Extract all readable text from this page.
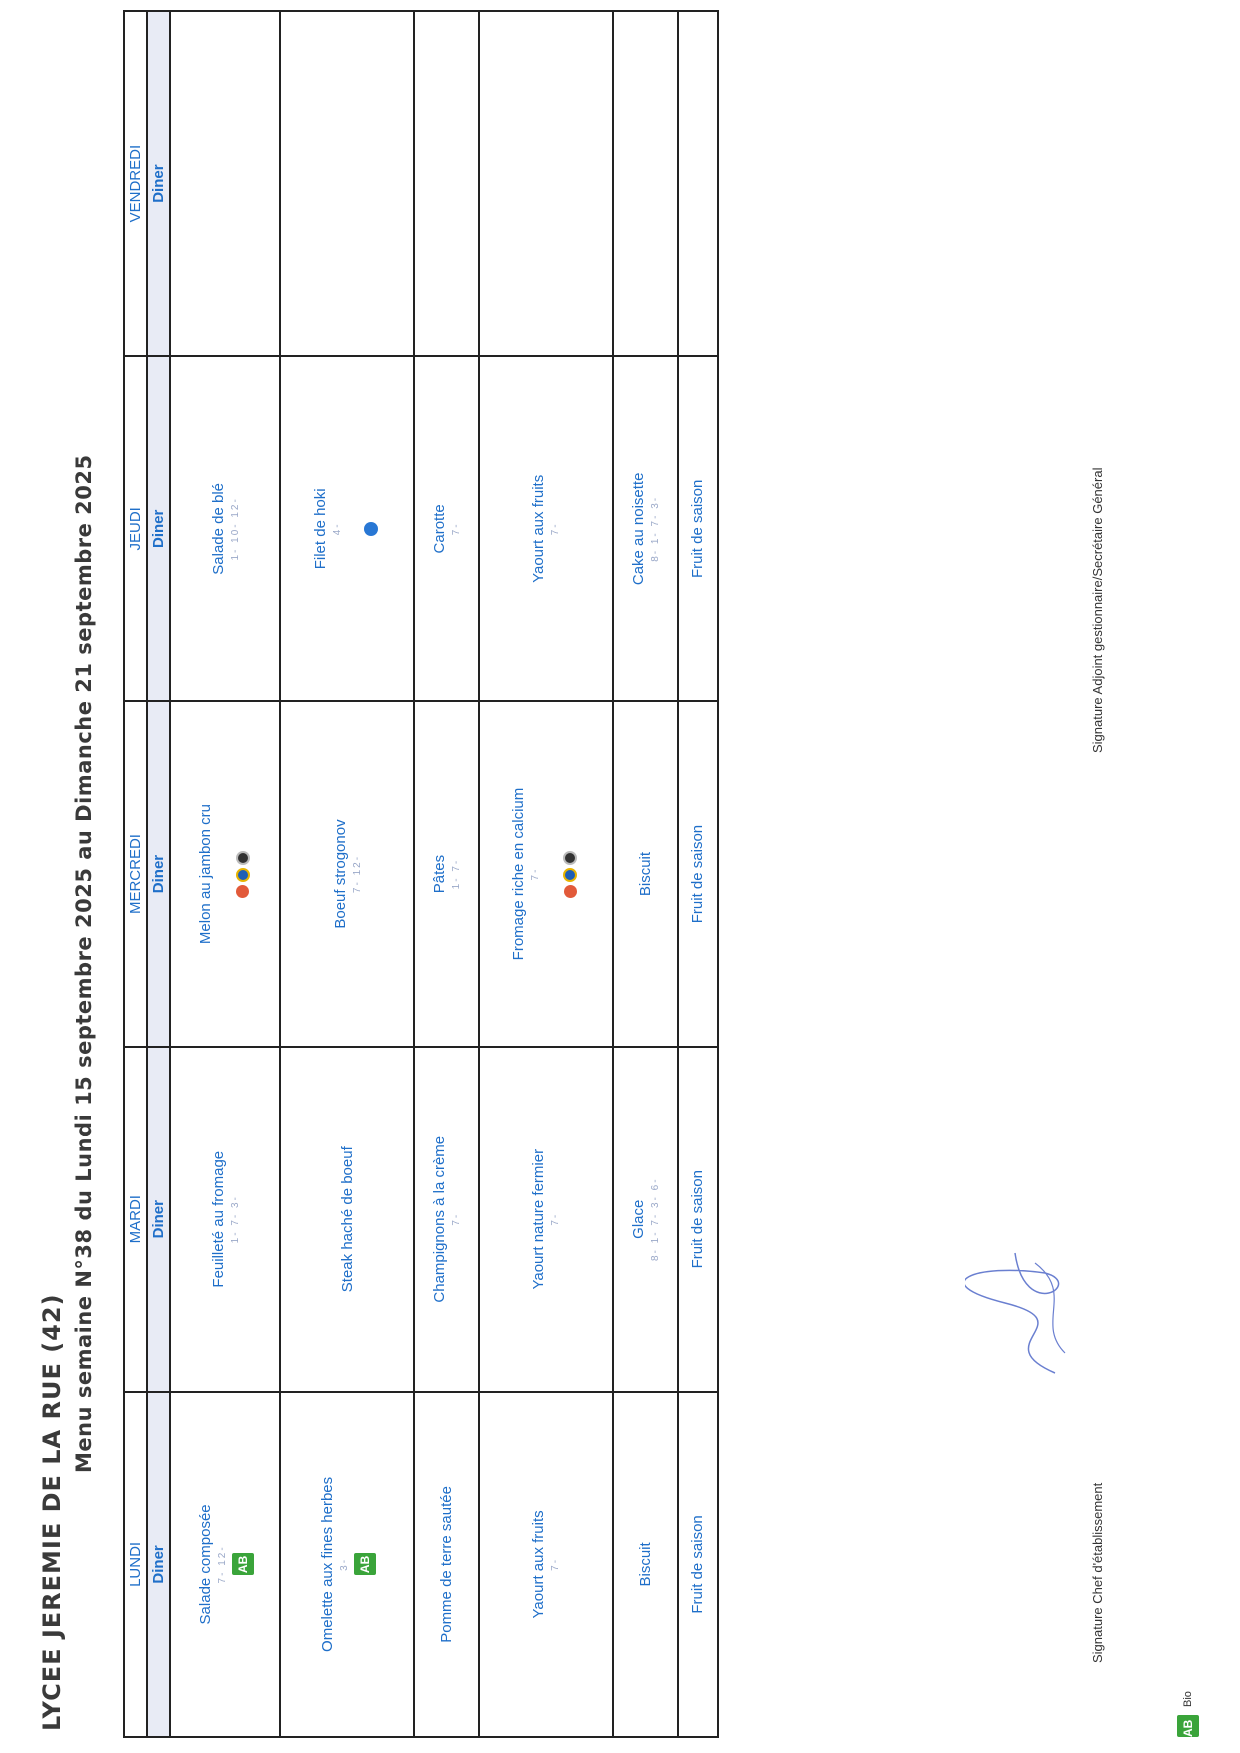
LYCEE JEREMIE DE LA RUE (42)
Menu semaine N°38 du Lundi 15 septembre 2025 au Dimanche 21 septembre 2025
LUNDI	MARDI	MERCREDI	JEUDI	VENDREDI
Diner	Diner	Diner	Diner	Diner

Salade composée 7- 12- AB	Feuilleté au fromage 1- 7- 3-	Melon au jambon cru	Salade de blé 1- 10- 12-	

Omelette aux fines herbes 3- AB	Steak haché de boeuf	Boeuf strogonov 7- 12-	Filet de hoki 4-	

Pomme de terre sautée	Champignons à la crème 7-	Pâtes 1- 7-	Carotte 7-	

Yaourt aux fruits 7-	Yaourt nature fermier 7-	Fromage riche en calcium 7-	Yaourt aux fruits 7-	

Biscuit	Glace 8- 1- 7- 3- 6-	Biscuit	Cake au noisette 8- 1- 7- 3-	

Fruit de saison	Fruit de saison	Fruit de saison	Fruit de saison	

AB
Bio
Signature Chef d'établissement
Signature Adjoint gestionnaire/Secrétaire Général
